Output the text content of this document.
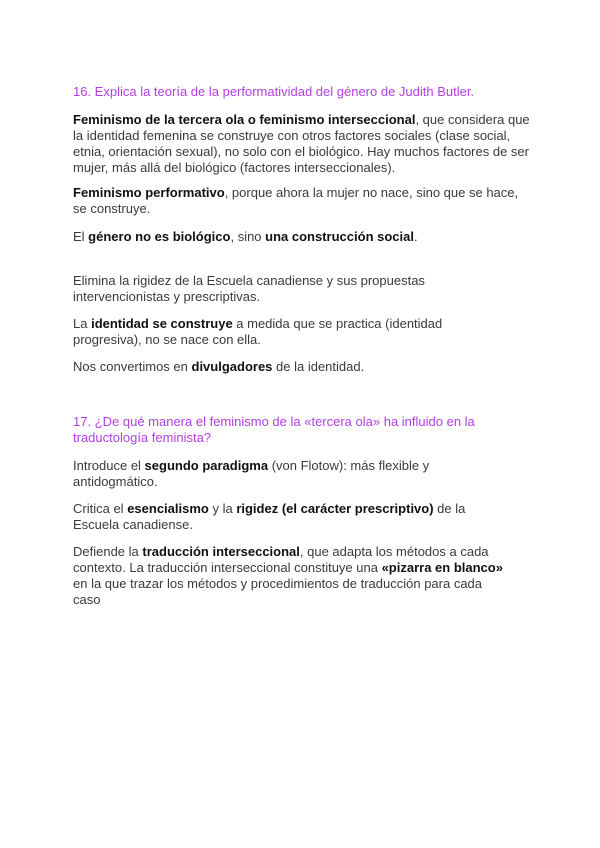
16. Explica la teoría de la performatividad del género de Judith Butler.

Feminismo de la tercera ola o feminismo interseccional, que considera que la identidad femenina se construye con otros factores sociales (clase social, etnia, orientación sexual), no solo con el biológico. Hay muchos factores de ser mujer, más allá del biológico (factores interseccionales).

Feminismo performativo, porque ahora la mujer no nace, sino que se hace, se construye.

El género no es biológico, sino una construcción social.

Elimina la rigidez de la Escuela canadiense y sus propuestas intervencionistas y prescriptivas.

La identidad se construye a medida que se practica (identidad progresiva), no se nace con ella.

Nos convertimos en divulgadores de la identidad.

17. ¿De qué manera el feminismo de la «tercera ola» ha influido en la traductología feminista?

Introduce el segundo paradigma (von Flotow): más flexible y antidogmático.

Critica el esencialismo y la rigidez (el carácter prescriptivo) de la Escuela canadiense.

Defiende la traducción interseccional, que adapta los métodos a cada contexto. La traducción interseccional constituye una «pizarra en blanco» en la que trazar los métodos y procedimientos de traducción para cada caso
